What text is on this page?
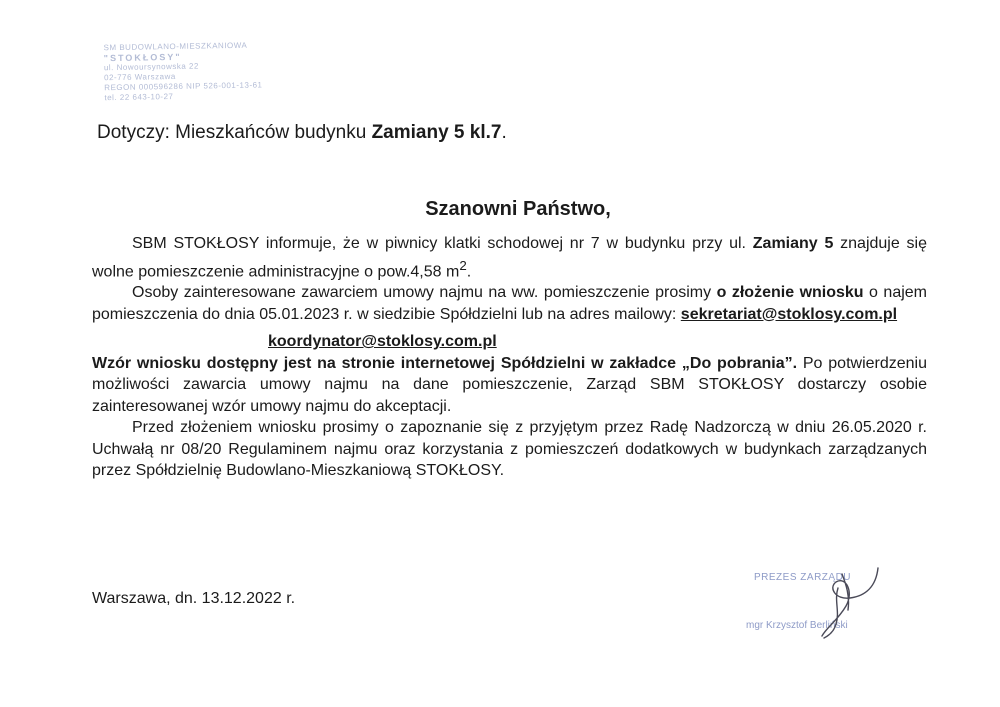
SM BUDOWLANO-MIESZKANIOWA
"STOKŁOSY"
ul. Nowoursynowska 22
02-776 Warszawa
REGON 000596286 NIP 526-001-13-61
tel. 22 643-10-27
Dotyczy: Mieszkańców budynku Zamiany 5 kl.7.
Szanowni Państwo,

SBM STOKŁOSY informuje, że w piwnicy klatki schodowej nr 7 w budynku przy ul. Zamiany 5 znajduje się wolne pomieszczenie administracyjne o pow.4,58 $m^2$.

Osoby zainteresowane zawarciem umowy najmu na ww. pomieszczenie prosimy o złożenie wniosku o najem pomieszczenia do dnia 05.01.2023 r. w siedzibie Spółdzielni lub na adres mailowy: sekretariat@stoklosy.com.pl
koordynator@stoklosy.com.pl

Wzór wniosku dostępny jest na stronie internetowej Spółdzielni w zakładce „Do pobrania”. Po potwierdzeniu możliwości zawarcia umowy najmu na dane pomieszczenie, Zarząd SBM STOKŁOSY dostarczy osobie zainteresowanej wzór umowy najmu do akceptacji.

Przed złożeniem wniosku prosimy o zapoznanie się z przyjętym przez Radę Nadzorczą w dniu 26.05.2020 r. Uchwałą nr 08/20 Regulaminem najmu oraz korzystania z pomieszczeń dodatkowych w budynkach zarządzanych przez Spółdzielnię Budowlano-Mieszkaniową STOKŁOSY.

Warszawa, dn. 13.12.2022 r.
PREZES ZARZĄDU
mgr Krzysztof Berliński
